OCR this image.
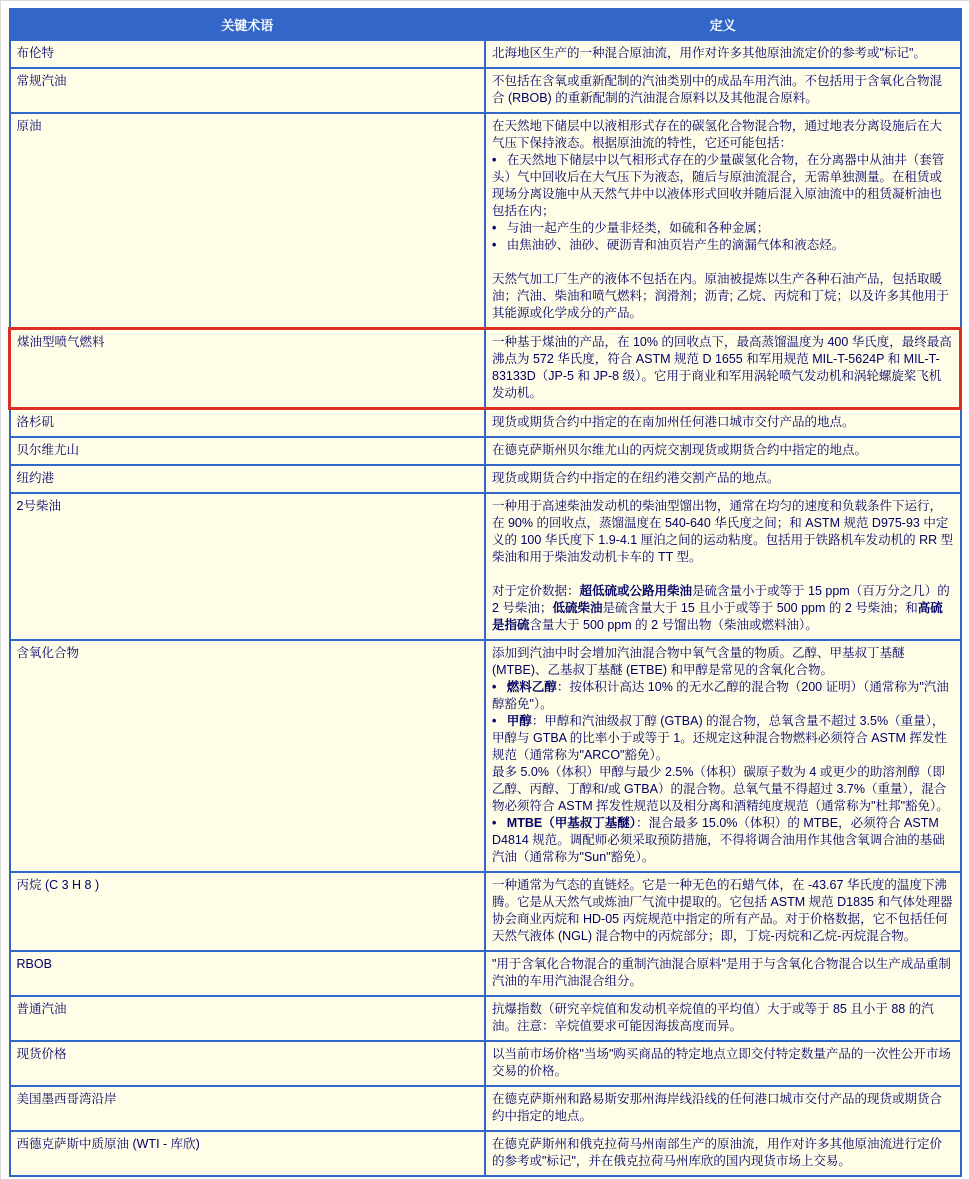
关键术语	定义
布伦特	北海地区生产的一种混合原油流，用作对许多其他原油流定价的参考或"标记"。

常规汽油	不包括在含氧或重新配制的汽油类别中的成品车用汽油。不包括用于含氧化合物混合 (RBOB) 的重新配制的汽油混合原料以及其他混合原料。

原油	在天然地下储层中以液相形式存在的碳氢化合物混合物，通过地表分离设施后在大气压下保持液态。根据原油流的特性，它还可能包括：
•   在天然地下储层中以气相形式存在的少量碳氢化合物，在分离器中从油井（套管头）气中回收后在大气压下为液态，随后与原油流混合，无需单独测量。在租赁或现场分离设施中从天然气井中以液体形式回收并随后混入原油流中的租赁凝析油也包括在内；
•   与油一起产生的少量非烃类，如硫和各种金属；
•   由焦油砂、油砂、硬沥青和油页岩产生的滴漏气体和液态烃。
天然气加工厂生产的液体不包括在内。原油被提炼以生产各种石油产品，包括取暖油；汽油、柴油和喷气燃料；润滑剂；沥青; 乙烷、丙烷和丁烷；以及许多其他用于其能源或化学成分的产品。

煤油型喷气燃料	一种基于煤油的产品，在 10% 的回收点下，最高蒸馏温度为 400 华氏度，最终最高沸点为 572 华氏度，符合 ASTM 规范 D 1655 和军用规范 MIL-T-5624P 和 MIL-T- 83133D（JP-5 和 JP-8 级）。它用于商业和军用涡轮喷气发动机和涡轮螺旋桨飞机发动机。

洛杉矶	现货或期货合约中指定的在南加州任何港口城市交付产品的地点。

贝尔维尤山	在德克萨斯州贝尔维尤山的丙烷交割现货或期货合约中指定的地点。

纽约港	现货或期货合约中指定的在纽约港交割产品的地点。

2号柴油	一种用于高速柴油发动机的柴油型馏出物，通常在均匀的速度和负载条件下运行，在 90% 的回收点，蒸馏温度在 540-640 华氏度之间；和 ASTM 规范 D975-93 中定义的 100 华氏度下 1.9-4.1 厘泊之间的运动粘度。包括用于铁路机车发动机的 RR 型柴油和用于柴油发动机卡车的 TT 型。
对于定价数据：超低硫或公路用柴油是硫含量小于或等于 15 ppm（百万分之几）的 2 号柴油；低硫柴油是硫含量大于 15 且小于或等于 500 ppm 的 2 号柴油；和高硫是指硫含量大于 500 ppm 的 2 号馏出物（柴油或燃料油）。

含氧化合物	添加到汽油中时会增加汽油混合物中氧气含量的物质。乙醇、甲基叔丁基醚 (MTBE)、乙基叔丁基醚 (ETBE) 和甲醇是常见的含氧化合物。
•   燃料乙醇：按体积计高达 10% 的无水乙醇的混合物（200 证明）（通常称为"汽油醇豁免"）。
•   甲醇：甲醇和汽油级叔丁醇 (GTBA) 的混合物，总氧含量不超过 3.5%（重量），甲醇与 GTBA 的比率小于或等于 1。还规定这种混合物燃料必须符合 ASTM 挥发性规范（通常称为"ARCO"豁免）。
最多 5.0%（体积）甲醇与最少 2.5%（体积）碳原子数为 4 或更少的助溶剂醇（即乙醇、丙醇、丁醇和/或 GTBA）的混合物。总氧气量不得超过 3.7%（重量），混合物必须符合 ASTM 挥发性规范以及相分离和酒精纯度规范（通常称为"杜邦"豁免）。
•   MTBE（甲基叔丁基醚）：混合最多 15.0%（体积）的 MTBE，必须符合 ASTM D4814 规范。调配师必须采取预防措施，不得将调合油用作其他含氧调合油的基础汽油（通常称为"Sun"豁免）。

丙烷 (C 3 H 8 )	一种通常为气态的直链烃。它是一种无色的石蜡气体，在 -43.67 华氏度的温度下沸腾。它是从天然气或炼油厂气流中提取的。它包括 ASTM 规范 D1835 和气体处理器协会商业丙烷和 HD-05 丙烷规范中指定的所有产品。对于价格数据，它不包括任何天然气液体 (NGL) 混合物中的丙烷部分；即，丁烷-丙烷和乙烷-丙烷混合物。

RBOB	"用于含氧化合物混合的重制汽油混合原料"是用于与含氧化合物混合以生产成品重制汽油的车用汽油混合组分。

普通汽油	抗爆指数（研究辛烷值和发动机辛烷值的平均值）大于或等于 85 且小于 88 的汽油。注意：辛烷值要求可能因海拔高度而异。

现货价格	以当前市场价格"当场"购买商品的特定地点立即交付特定数量产品的一次性公开市场交易的价格。

美国墨西哥湾沿岸	在德克萨斯州和路易斯安那州海岸线沿线的任何港口城市交付产品的现货或期货合约中指定的地点。

西德克萨斯中质原油 (WTI - 库欣)	在德克萨斯州和俄克拉荷马州南部生产的原油流，用作对许多其他原油流进行定价的参考或"标记"，并在俄克拉荷马州库欣的国内现货市场上交易。
